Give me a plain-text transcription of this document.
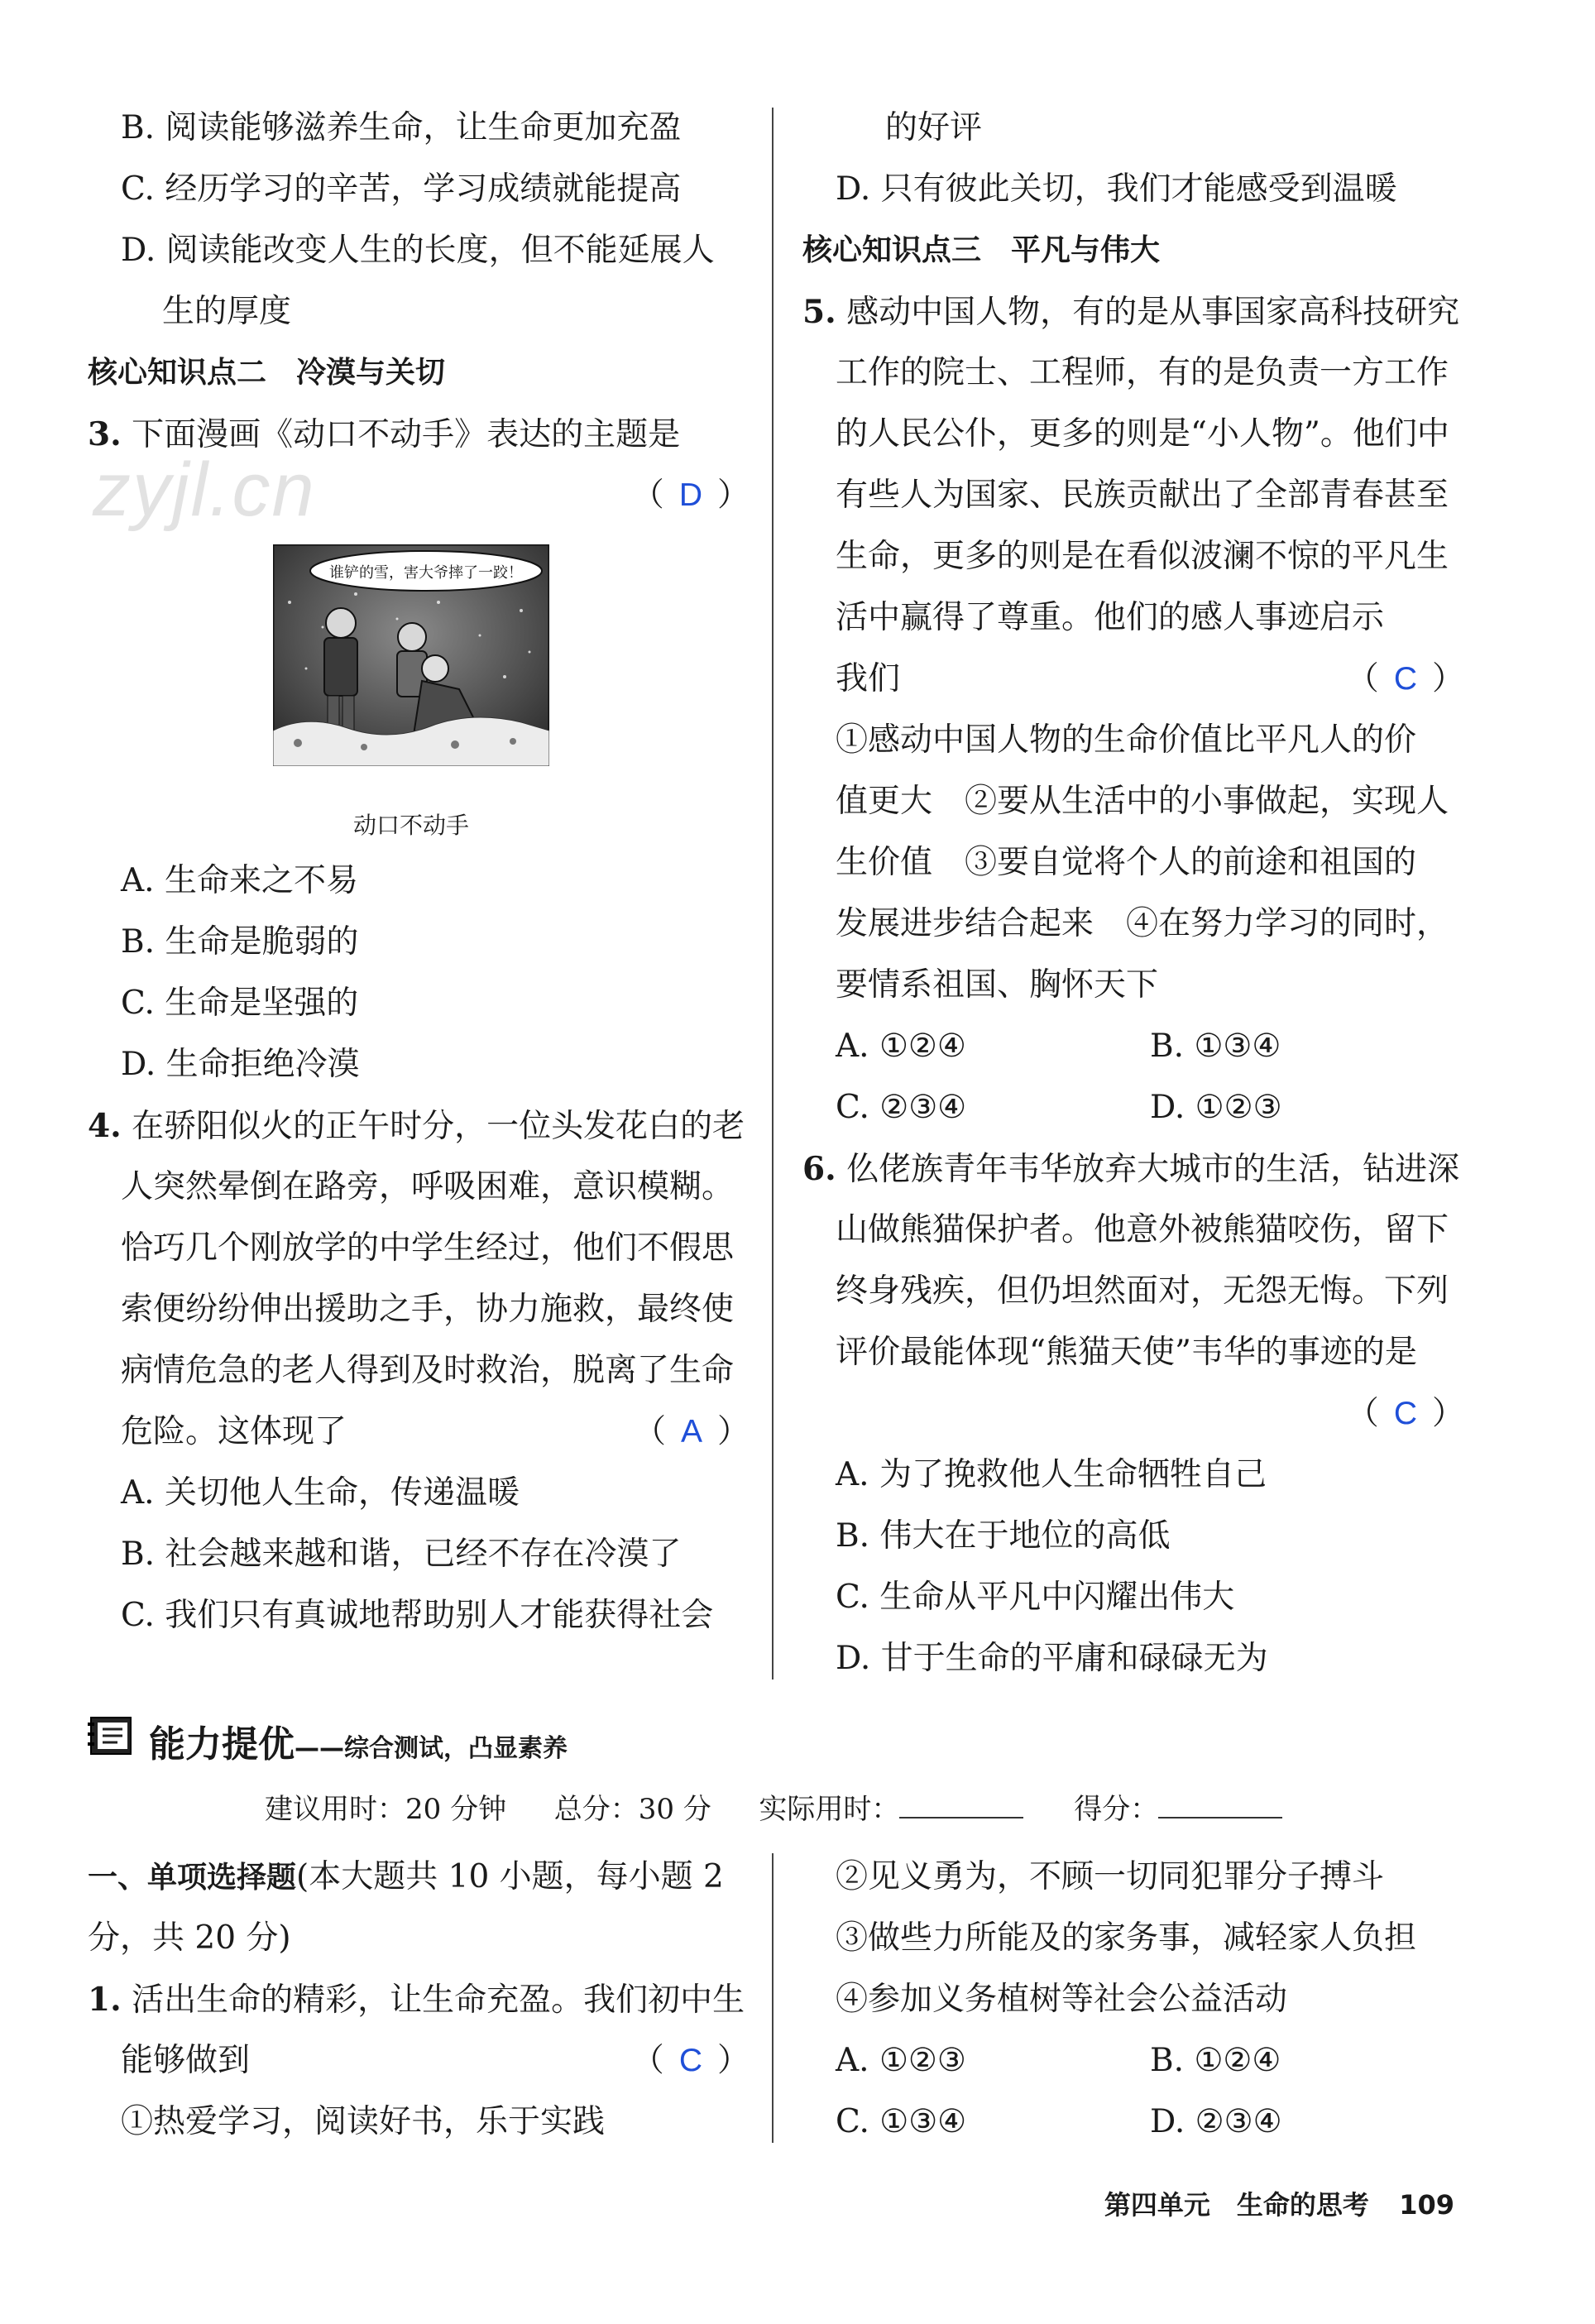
zyjl.cn
B. 阅读能够滋养生命，让生命更加充盈
C. 经历学习的辛苦，学习成绩就能提高
D. 阅读能改变人生的长度，但不能延展人
生的厚度
核心知识点二　冷漠与关切
3. 下面漫画《动口不动手》表达的主题是
（ D ）
A. 生命来之不易
B. 生命是脆弱的
C. 生命是坚强的
D. 生命拒绝冷漠
4. 在骄阳似火的正午时分，一位头发花白的老
人突然晕倒在路旁，呼吸困难，意识模糊。
恰巧几个刚放学的中学生经过，他们不假思
索便纷纷伸出援助之手，协力施救，最终使
病情危急的老人得到及时救治，脱离了生命
危险。这体现了	（ A ）
A. 关切他人生命，传递温暖
B. 社会越来越和谐，已经不存在冷漠了
C. 我们只有真诚地帮助别人才能获得社会
谁铲的雪，害大爷摔了一跤！
动口不动手
的好评
D. 只有彼此关切，我们才能感受到温暖
核心知识点三　平凡与伟大
5. 感动中国人物，有的是从事国家高科技研究
工作的院士、工程师，有的是负责一方工作
的人民公仆，更多的则是“小人物”。他们中
有些人为国家、民族贡献出了全部青春甚至
生命，更多的则是在看似波澜不惊的平凡生
活中赢得了尊重。他们的感人事迹启示
我们	（ C ）
①感动中国人物的生命价值比平凡人的价
值更大　②要从生活中的小事做起，实现人
生价值　③要自觉将个人的前途和祖国的
发展进步结合起来　④在努力学习的同时，
要情系祖国、胸怀天下
A. ①②④	B. ①③④
C. ②③④	D. ①②③
6. 仫佬族青年韦华放弃大城市的生活，钻进深
山做熊猫保护者。他意外被熊猫咬伤，留下
终身残疾，但仍坦然面对，无怨无悔。下列
评价最能体现“熊猫天使”韦华的事迹的是
（ C ）
A. 为了挽救他人生命牺牲自己
B. 伟大在于地位的高低
C. 生命从平凡中闪耀出伟大
D. 甘于生命的平庸和碌碌无为
能力提优——综合测试，凸显素养
建议用时：20 分钟 总分：30 分 实际用时：	得分：
一、单项选择题(本大题共 10 小题，每小题 2
分，共 20 分)
1. 活出生命的精彩，让生命充盈。我们初中生
能够做到	（ C ）
①热爱学习，阅读好书，乐于实践
②见义勇为，不顾一切同犯罪分子搏斗
③做些力所能及的家务事，减轻家人负担
④参加义务植树等社会公益活动
A. ①②③	B. ①②④
C. ①③④	D. ②③④
第四单元　生命的思考 109
